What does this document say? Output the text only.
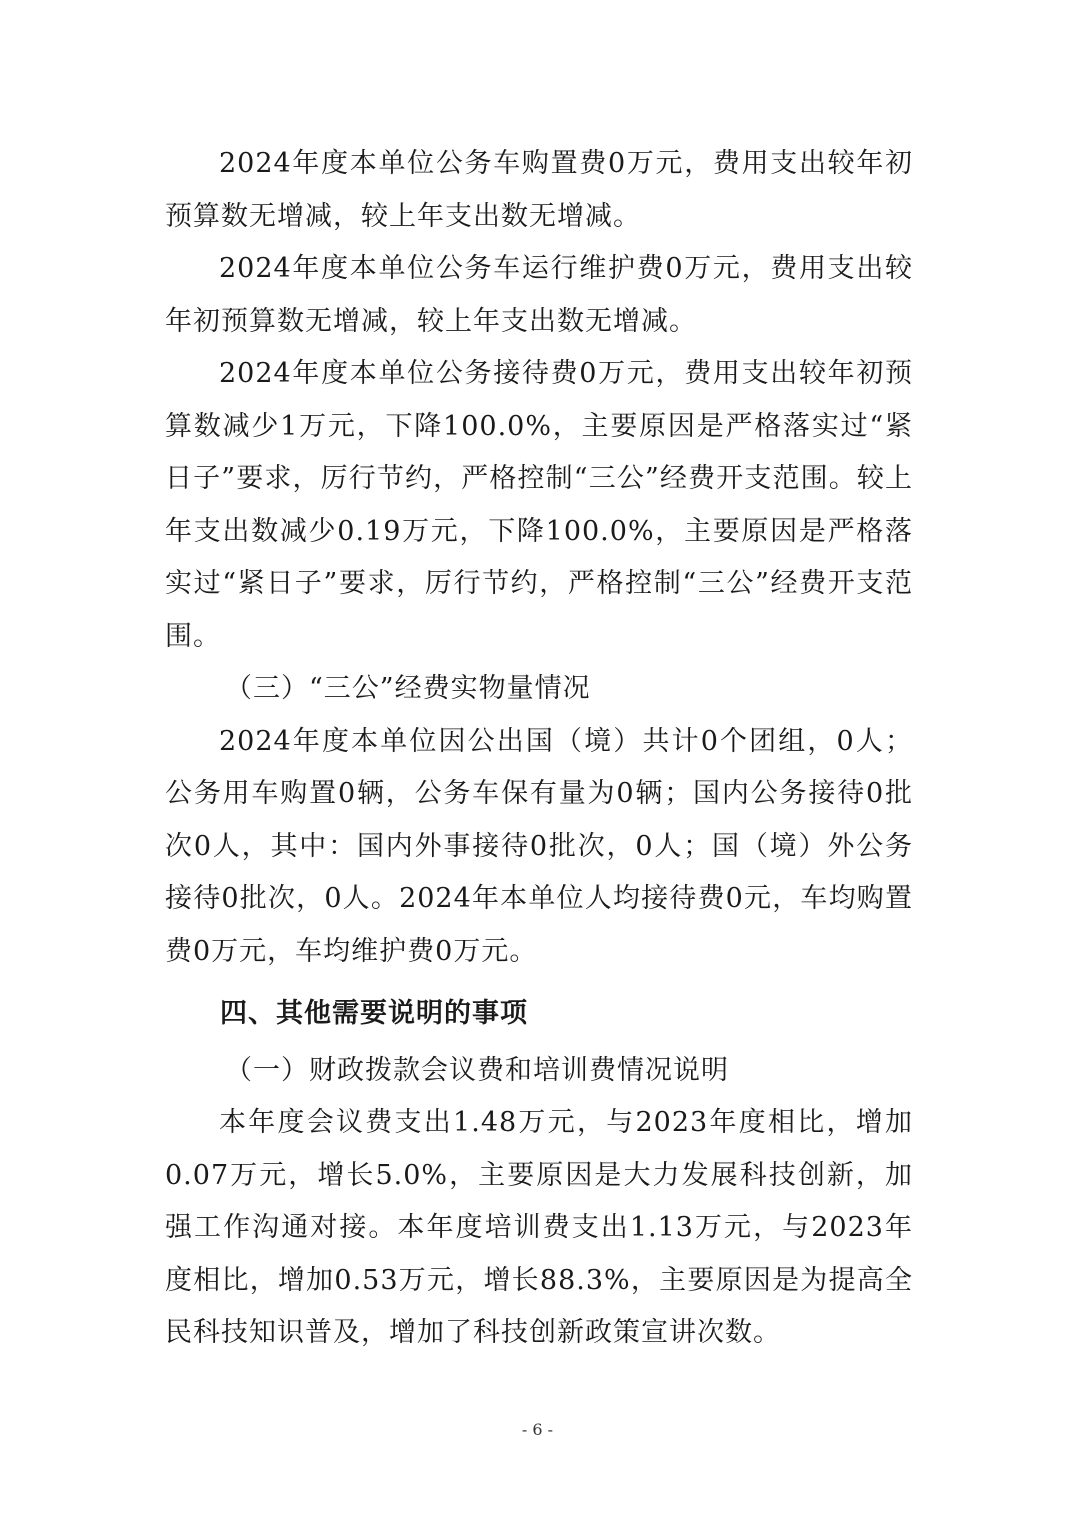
2024年度本单位公务车购置费0万元，费用支出较年初预算数无增减，较上年支出数无增减。

2024年度本单位公务车运行维护费0万元，费用支出较年初预算数无增减，较上年支出数无增减。

2024年度本单位公务接待费0万元，费用支出较年初预算数减少1万元，下降100.0%，主要原因是严格落实过“紧日子”要求，厉行节约，严格控制“三公”经费开支范围。较上年支出数减少0.19万元，下降100.0%，主要原因是严格落实过“紧日子”要求，厉行节约，严格控制“三公”经费开支范围。

（三）“三公”经费实物量情况

2024年度本单位因公出国（境）共计0个团组，0人；公务用车购置0辆，公务车保有量为0辆；国内公务接待0批次0人，其中：国内外事接待0批次，0人；国（境）外公务接待0批次，0人。2024年本单位人均接待费0元，车均购置费0万元，车均维护费0万元。

四、其他需要说明的事项

（一）财政拨款会议费和培训费情况说明

本年度会议费支出1.48万元，与2023年度相比，增加0.07万元，增长5.0%，主要原因是大力发展科技创新，加强工作沟通对接。本年度培训费支出1.13万元，与2023年度相比，增加0.53万元，增长88.3%，主要原因是为提高全民科技知识普及，增加了科技创新政策宣讲次数。

- 6 -
